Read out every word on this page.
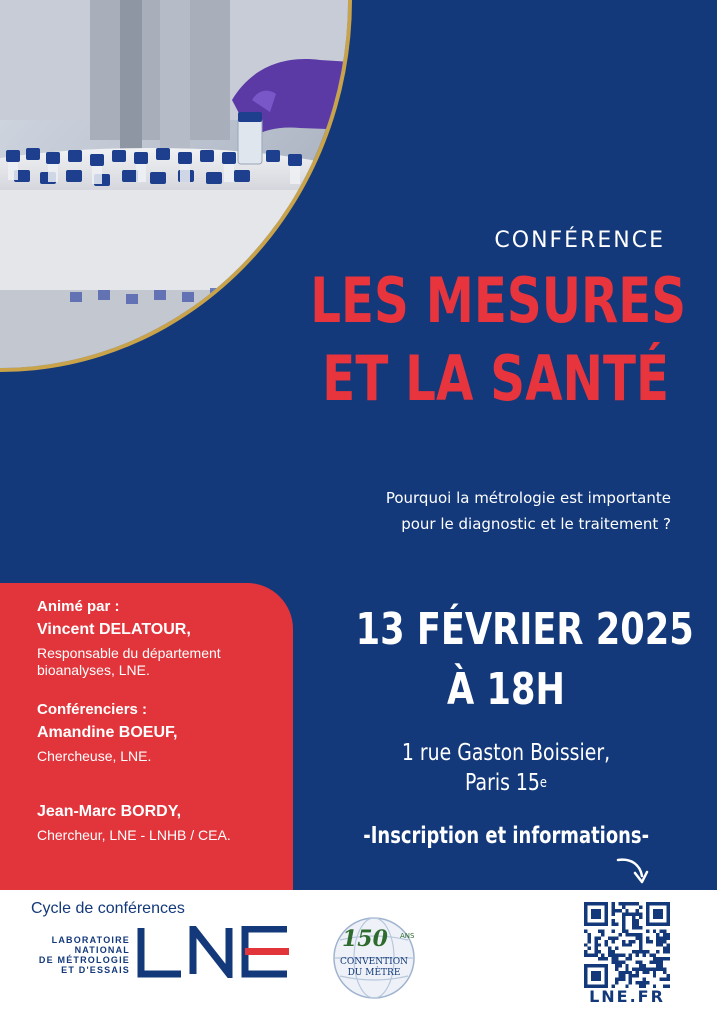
CONFÉRENCE
LES MESURES
ET LA SANTÉ
Pourquoi la métrologie est importante
pour le diagnostic et le traitement ?
Animé par :
Vincent DELATOUR,
Responsable du département
bioanalyses, LNE.
Conférenciers :
Amandine BOEUF,
Chercheuse, LNE.
Jean-Marc BORDY,
Chercheur, LNE - LNHB / CEA.
13 FÉVRIER 2025
À 18H
1 rue Gaston Boissier,
Paris 15e
-Inscription et informations-
Cycle de conférences
LABORATOIRE
NATIONAL
DE MÉTROLOGIE
ET D'ESSAIS
150 ANS
CONVENTION
DU MÈTRE
LNE.FR
